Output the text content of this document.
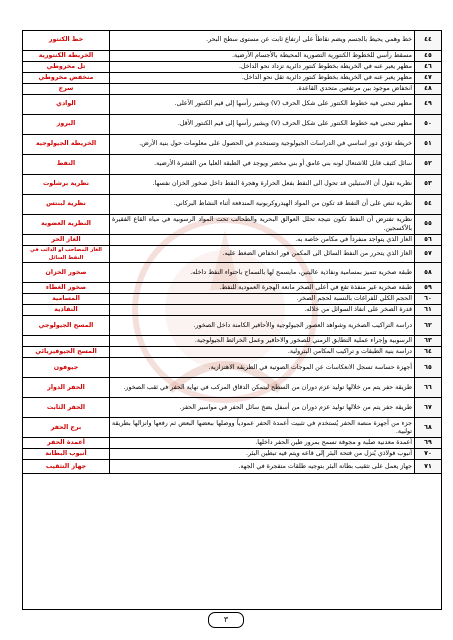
٤٤	خط وهمي يحيط بالجسم ويضم نقاطاً على ارتفاع ثابت عن مستوى سطح البحر.	خط الكنتور
٤٥	مسقط رأسي للخطوط الكنتورية التصورية المحيطة بالأجسام الأرضية.	الخريطة الكنتورية
٤٦	مظهر يعبر عنه في الخريطة بخطوط كنتور دائرية تزداد نحو الداخل.	تل مخروطي
٤٧	مظهر يعبر عنه في الخريطة بخطوط كنتور دائرية تقل نحو الداخل.	منخفض مخروطي
٤٨	انخفاض موجود بين مرتفعين متحدي القاعدة.	سرج
٤٩	مظهر تنحني فيه خطوط الكنتور على شكل الحرف (V) ويشير رأسها إلى قيم الكنتور الأعلى.	الوادي
٥٠	مظهر تنحني فيه خطوط الكنتور على شكل الحرف (V) ويشير رأسها إلى قيم الكنتور الأقل.	البروز
٥١	خريطة تؤدي دور اساسي في الدراسات الجيولوجية وتستخدم في الحصول على معلومات حول بنية الأرض.	الخريطة الجيولوجية
٥٢	سائل كثيف قابل للاشتعال لونه بني غامق أو بني مخضر ويوجد في الطبقة العليا من القشرة الأرضية.	النفط
٥٣	نظرية تقول أن الاستيلين قد تحول الى النفط بفعل الحرارة وهجرة النفط داخل صخور الخزان نفسها.	نظرية برشلوت
٥٤	نظرية تنص على أن النفط قد تكون من المواد الهيدروكربونية المندفعة أثناء النشاط البركاني.	نظرية لبنتس
٥٥	نظرية تفترض أن النفط تكون نتيجة تحلل العوالق البحرية والطحالب تحت المواد الرسوبية في مياه القاع الفقيرة بالأكسجين.	النظرية العضوية
٥٦	الغاز الذي يتواجد منفرداً في مكامن خاصة به.	الغاز الحر
٥٧	الغاز الذي يتحرر من النفط السائل الى المكمن فور انخفاض الضغط عليه.	الغاز المصاحب او الذائب في النفط السائل
٥٨	طبقة صخرية تتميز بمسامية ونفاذية عاليتين، مايسمح لها بالسماح باحتواء النفط داخله.	صخور الخزان
٥٩	طبقة صخرية غير منفذة تقع في أعلى الصخر مانعة الهجرة العمودية للنفط.	صخور الغطاء
٦٠	الحجم الكلي للفراغات بالنسبة لحجم الصخر.	المسامية
٦١	قدرة الصخر على انفاذ السوائل من خلاله.	النفاذية
٦٢	دراسة التراكيب الصخرية وشواهد العصور الجيولوجية والأحافير الكامنة داخل الصخور.	المسح الجيولوجي
٦٣	الرسوبية وإجراء عملية التطابق الزمني للصخور والاحافير وعمل الخرائط الجيولوجية.	
٦٤	دراسة بنية الطبقات و تراكيب المكامن البترولية.	المسح الجيوفيزيائي
٦٥	أجهزة حساسة تسجل الانعكاسات عن الموجات الصوتية في الطريقة الاهتزازية.	جيوفون
٦٦	طريقة حفر يتم من خلالها توليد عزم دوران من السطح ليتمكن الدقاق المركب في نهاية الحفر في ثقب الصخور.	الحفر الدوار
٦٧	طريقة حفر يتم من خلالها توليد عزم دوران من أسفل بضخ سائل الحفر في مواسير الحفر.	الحفر الثابت
٦٨	جزء من أجهزة منصة الحفر يُستخدم في تثبيت أعمدة الحفر عمودياً ووصلها ببعضها البعض ثم رفعها وانزالها بطريقة تولبية.	برج الحفر
٦٩	أعمدة معدنية صلبة و مجوفة تسمح بمرور طين الحفر داخلها.	أعمدة الحفر
٧٠	أنبوب فولاذي يُنزل من فتحة البئر إلى قاعه ويتم فيه تبطين البئر.	أنبوب البطانة
٧١	جهاز يعمل على تثقيب بطانة البئر بتوجيه طلقات متفجرة في الجهة.	جهاز التثقيب
٣
